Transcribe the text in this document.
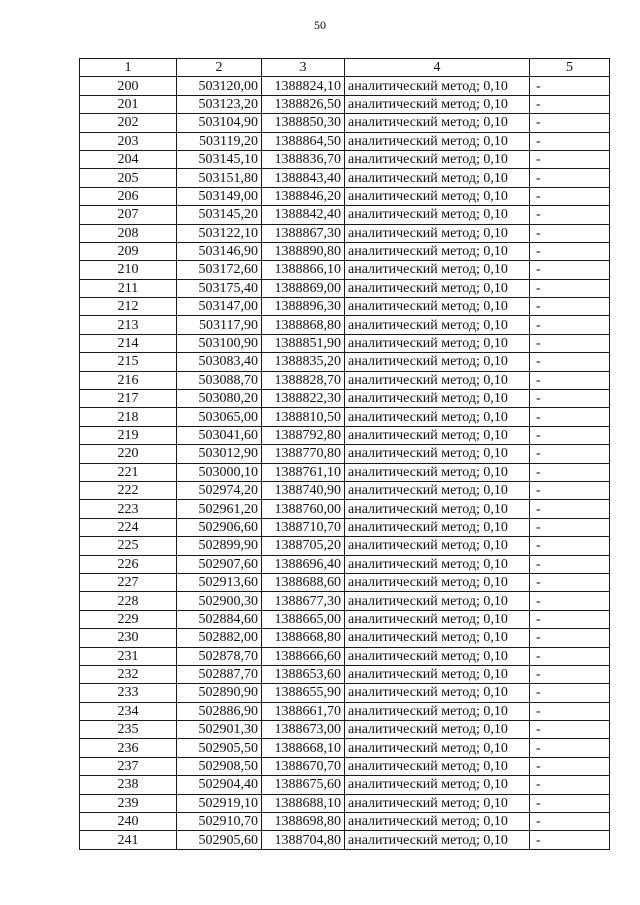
50
1	2	3	4	5
200	503120,00	1388824,10	аналитический метод; 0,10	-
201	503123,20	1388826,50	аналитический метод; 0,10	-
202	503104,90	1388850,30	аналитический метод; 0,10	-
203	503119,20	1388864,50	аналитический метод; 0,10	-
204	503145,10	1388836,70	аналитический метод; 0,10	-
205	503151,80	1388843,40	аналитический метод; 0,10	-
206	503149,00	1388846,20	аналитический метод; 0,10	-
207	503145,20	1388842,40	аналитический метод; 0,10	-
208	503122,10	1388867,30	аналитический метод; 0,10	-
209	503146,90	1388890,80	аналитический метод; 0,10	-
210	503172,60	1388866,10	аналитический метод; 0,10	-
211	503175,40	1388869,00	аналитический метод; 0,10	-
212	503147,00	1388896,30	аналитический метод; 0,10	-
213	503117,90	1388868,80	аналитический метод; 0,10	-
214	503100,90	1388851,90	аналитический метод; 0,10	-
215	503083,40	1388835,20	аналитический метод; 0,10	-
216	503088,70	1388828,70	аналитический метод; 0,10	-
217	503080,20	1388822,30	аналитический метод; 0,10	-
218	503065,00	1388810,50	аналитический метод; 0,10	-
219	503041,60	1388792,80	аналитический метод; 0,10	-
220	503012,90	1388770,80	аналитический метод; 0,10	-
221	503000,10	1388761,10	аналитический метод; 0,10	-
222	502974,20	1388740,90	аналитический метод; 0,10	-
223	502961,20	1388760,00	аналитический метод; 0,10	-
224	502906,60	1388710,70	аналитический метод; 0,10	-
225	502899,90	1388705,20	аналитический метод; 0,10	-
226	502907,60	1388696,40	аналитический метод; 0,10	-
227	502913,60	1388688,60	аналитический метод; 0,10	-
228	502900,30	1388677,30	аналитический метод; 0,10	-
229	502884,60	1388665,00	аналитический метод; 0,10	-
230	502882,00	1388668,80	аналитический метод; 0,10	-
231	502878,70	1388666,60	аналитический метод; 0,10	-
232	502887,70	1388653,60	аналитический метод; 0,10	-
233	502890,90	1388655,90	аналитический метод; 0,10	-
234	502886,90	1388661,70	аналитический метод; 0,10	-
235	502901,30	1388673,00	аналитический метод; 0,10	-
236	502905,50	1388668,10	аналитический метод; 0,10	-
237	502908,50	1388670,70	аналитический метод; 0,10	-
238	502904,40	1388675,60	аналитический метод; 0,10	-
239	502919,10	1388688,10	аналитический метод; 0,10	-
240	502910,70	1388698,80	аналитический метод; 0,10	-
241	502905,60	1388704,80	аналитический метод; 0,10	-
